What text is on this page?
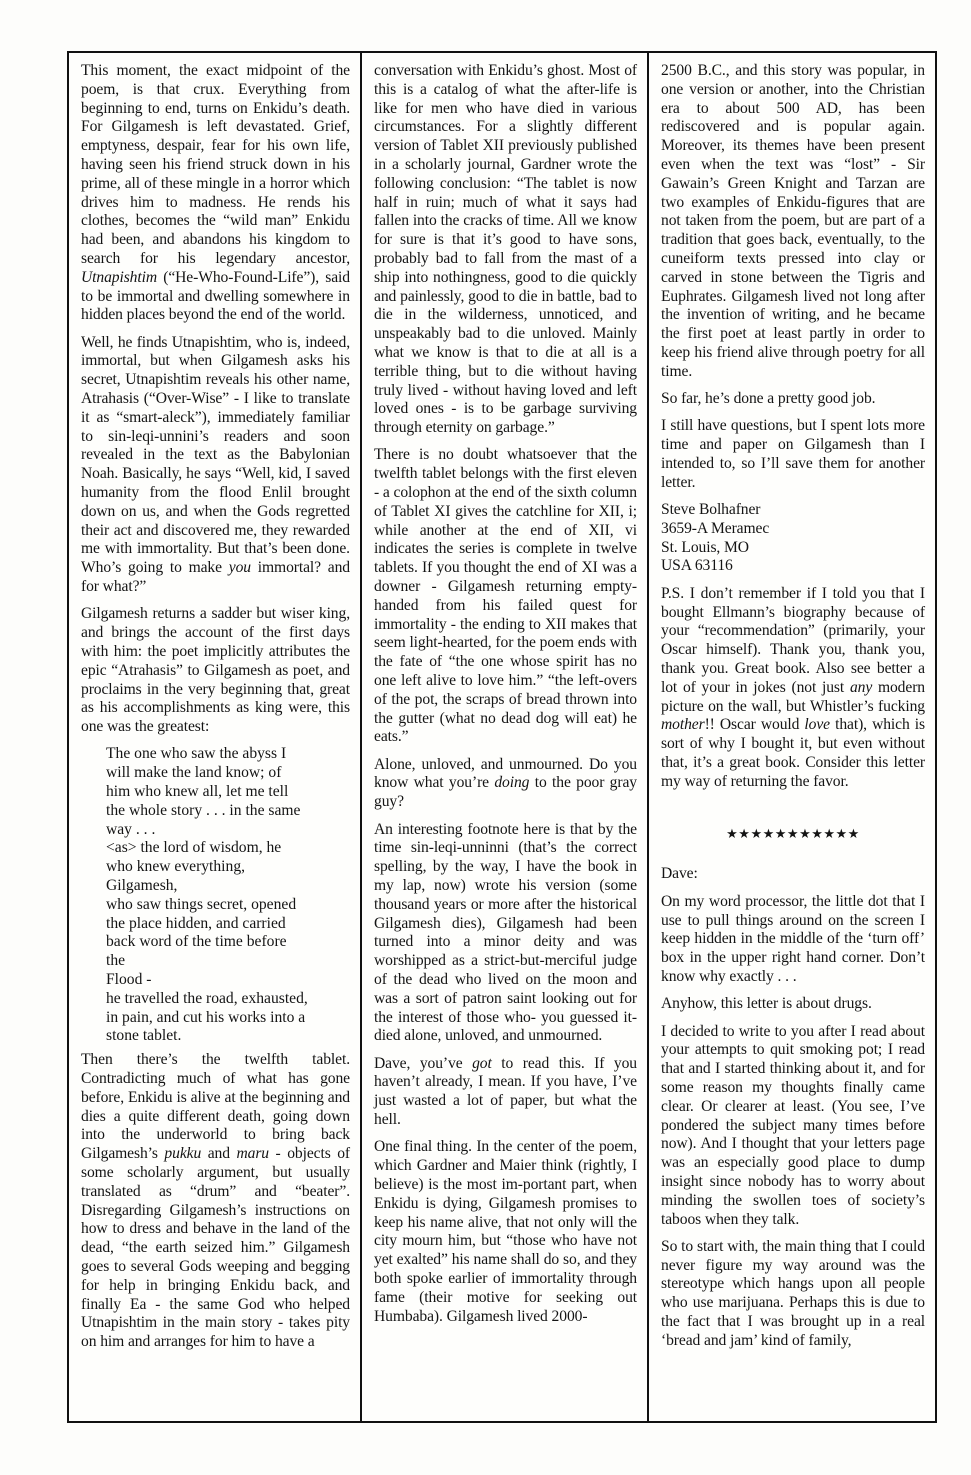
This moment, the exact midpoint of the poem, is that crux. Everything from beginning to end, turns on Enkidu’s death. For Gilgamesh is left devastated. Grief, emptyness, despair, fear for his own life, having seen his friend struck down in his prime, all of these mingle in a horror which drives him to madness. He rends his clothes, becomes the “wild man” Enkidu had been, and abandons his kingdom to search for his legendary ancestor, Utnapishtim (“He-Who-Found-Life”), said to be immortal and dwelling somewhere in hidden places beyond the end of the world.

Well, he finds Utnapishtim, who is, indeed, immortal, but when Gilgamesh asks his secret, Utnapishtim reveals his other name, Atrahasis (“Over-Wise” - I like to translate it as “smart-aleck”), immediately familiar to sin-leqi-unnini’s readers and soon revealed in the text as the Babylonian Noah. Basically, he says “Well, kid, I saved humanity from the flood Enlil brought down on us, and when the Gods regretted their act and discovered me, they rewarded me with immortality. But that’s been done. Who’s going to make you immortal? and for what?”

Gilgamesh returns a sadder but wiser king, and brings the account of the first days with him: the poet implicitly attributes the epic “Atrahasis” to Gilgamesh as poet, and proclaims in the very beginning that, great as his accomplishments as king were, this one was the greatest:

The one who saw the abyss I
will make the land know; of
him who knew all, let me tell
the whole story . . . in the same
way . . .
<as> the lord of wisdom, he
who knew everything,
Gilgamesh,
who saw things secret, opened
the place hidden, and carried
back word of the time before
the
Flood -
he travelled the road, exhausted,
in pain, and cut his works into a
stone tablet.

Then there’s the twelfth tablet. Contradicting much of what has gone before, Enkidu is alive at the beginning and dies a quite different death, going down into the underworld to bring back Gilgamesh’s pukku and maru - objects of some scholarly argument, but usually translated as “drum” and “beater”. Disregarding Gilgamesh’s instructions on how to dress and behave in the land of the dead, “the earth seized him.” Gilgamesh goes to several Gods weeping and begging for help in bringing Enkidu back, and finally Ea - the same God who helped Utnapishtim in the main story - takes pity on him and arranges for him to have a

conversation with Enkidu’s ghost. Most of this is a catalog of what the after-life is like for men who have died in various circumstances. For a slightly different version of Tablet XII previously published in a scholarly journal, Gardner wrote the following conclusion: “The tablet is now half in ruin; much of what it says had fallen into the cracks of time. All we know for sure is that it’s good to have sons, probably bad to fall from the mast of a ship into nothingness, good to die quickly and painlessly, good to die in battle, bad to die in the wilderness, unnoticed, and unspeakably bad to die unloved. Mainly what we know is that to die at all is a terrible thing, but to die without having truly lived - without having loved and left loved ones - is to be garbage surviving through eternity on garbage.”

There is no doubt whatsoever that the twelfth tablet belongs with the first eleven - a colophon at the end of the sixth column of Tablet XI gives the catchline for XII, i; while another at the end of XII, vi indicates the series is complete in twelve tablets. If you thought the end of XI was a downer - Gilgamesh returning empty-handed from his failed quest for immortality - the ending to XII makes that seem light-hearted, for the poem ends with the fate of “the one whose spirit has no one left alive to love him.” “the left-overs of the pot, the scraps of bread thrown into the gutter (what no dead dog will eat) he eats.”

Alone, unloved, and unmourned. Do you know what you’re doing to the poor gray guy?

An interesting footnote here is that by the time sin-leqi-unninni (that’s the correct spelling, by the way, I have the book in my lap, now) wrote his version (some thousand years or more after the historical Gilgamesh dies), Gilgamesh had been turned into a minor deity and was worshipped as a strict-but-merciful judge of the dead who lived on the moon and was a sort of patron saint looking out for the interest of those who- you guessed it- died alone, unloved, and unmourned.

Dave, you’ve got to read this. If you haven’t already, I mean. If you have, I’ve just wasted a lot of paper, but what the hell.

One final thing. In the center of the poem, which Gardner and Maier think (rightly, I believe) is the most im-portant part, when Enkidu is dying, Gilgamesh promises to keep his name alive, that not only will the city mourn him, but “those who have not yet exalted” his name shall do so, and they both spoke earlier of immortality through fame (their motive for seeking out Humbaba). Gilgamesh lived 2000-

2500 B.C., and this story was popular, in one version or another, into the Christian era to about 500 AD, has been rediscovered and is popular again. Moreover, its themes have been present even when the text was “lost” - Sir Gawain’s Green Knight and Tarzan are two examples of Enkidu-figures that are not taken from the poem, but are part of a tradition that goes back, eventually, to the cuneiform texts pressed into clay or carved in stone between the Tigris and Euphrates. Gilgamesh lived not long after the invention of writing, and he became the first poet at least partly in order to keep his friend alive through poetry for all time.

So far, he’s done a pretty good job.

I still have questions, but I spent lots more time and paper on Gilgamesh than I intended to, so I’ll save them for another letter.

Steve Bolhafner

3659-A Meramec

St. Louis, MO

USA 63116

P.S. I don’t remember if I told you that I bought Ellmann’s biography because of your “recommendation” (primarily, your Oscar himself). Thank you, thank you, thank you. Great book. Also see better a lot of your in jokes (not just any modern picture on the wall, but Whistler’s fucking mother!! Oscar would love that), which is sort of why I bought it, but even without that, it’s a great book. Consider this letter my way of returning the favor.

★★★★★★★★★★★

Dave:

On my word processor, the little dot that I use to pull things around on the screen I keep hidden in the middle of the ‘turn off’ box in the upper right hand corner. Don’t know why exactly . . .

Anyhow, this letter is about drugs.

I decided to write to you after I read about your attempts to quit smoking pot; I read that and I started thinking about it, and for some reason my thoughts finally came clear. Or clearer at least. (You see, I’ve pondered the subject many times before now). And I thought that your letters page was an especially good place to dump insight since nobody has to worry about minding the swollen toes of society’s taboos when they talk.

So to start with, the main thing that I could never figure my way around was the stereotype which hangs upon all people who use marijuana. Perhaps this is due to the fact that I was brought up in a real ‘bread and jam’ kind of family,
